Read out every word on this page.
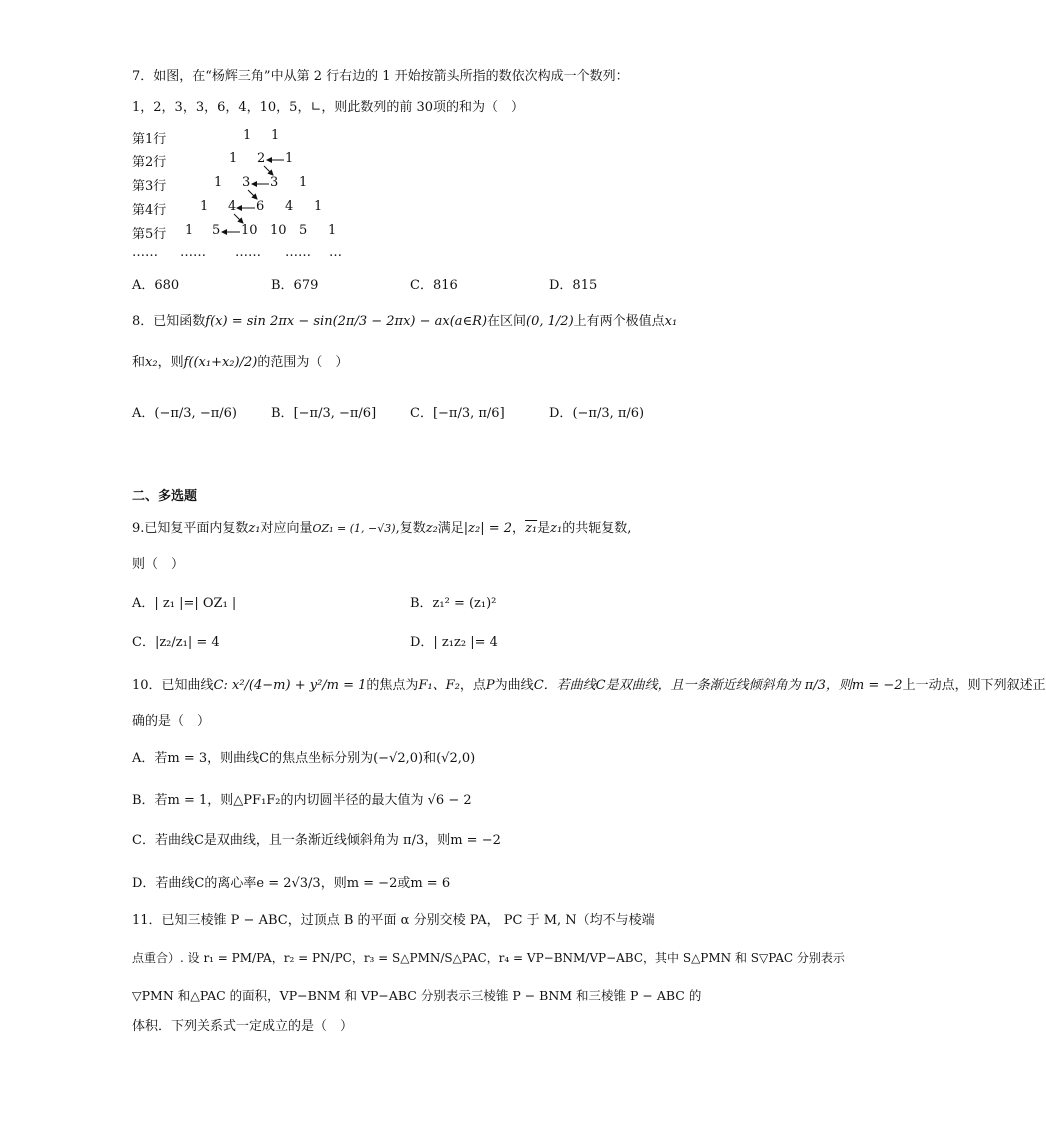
7．如图，在“杨辉三角”中从第 2 行右边的 1 开始按箭头所指的数依次构成一个数列：
1，2，3，3，6，4，10，5，∟，则此数列的前 30项的和为（　）
第1行	1 1
第2行	1 2 1
第3行	1 3 3 1
第4行	1 4 6 4 1
第5行 1 5 10 10 5 1
…… …… …… …… …
A．680	B．679	C．816	D．815
8．已知函数f(x) = sin 2πx − sin(2π/3 − 2πx) − ax(a∈R)在区间(0, 1/2)上有两个极值点x₁
和x₂，则f((x₁+x₂)/2)的范围为（　）
A．(−π/3, −π/6)	B．[−π/3, −π/6]	C．[−π/3, π/6]	D．(−π/3, π/6)
二、多选题
9.已知复平面内复数z₁对应向量OZ₁ = (1, −√3),复数z₂满足|z₂| = 2，z₁是z₁的共轭复数,
则（　）
A．| z₁ |=| OZ₁ |	B．z₁² = (z₁)²
C．|z₂/z₁| = 4	D．| z₁z₂ |= 4
10．已知曲线C: x²/(4−m) + y²/m = 1的焦点为F₁、F₂，点P为曲线C．若曲线C是双曲线，且一条渐近线倾斜角为 π/3，则m = −2上一动点，则下列叙述正
确的是（　）
A．若m = 3，则曲线C的焦点坐标分别为(−√2,0)和(√2,0)
B．若m = 1，则△PF₁F₂的内切圆半径的最大值为 √6 − 2
C．若曲线C是双曲线，且一条渐近线倾斜角为 π/3，则m = −2
D．若曲线C的离心率e = 2√3/3，则m = −2或m = 6
11．已知三棱锥 P − ABC，过顶点 B 的平面 α 分别交棱 PA， PC 于 M, N（均不与棱端
点重合）. 设 r₁ = PM/PA，r₂ = PN/PC，r₃ = S△PMN/S△PAC，r₄ = VP−BNM/VP−ABC，其中 S△PMN 和 S▽PAC 分别表示
▽PMN 和△PAC 的面积，VP−BNM 和 VP−ABC 分别表示三棱锥 P − BNM 和三棱锥 P − ABC 的
体积．下列关系式一定成立的是（　）
